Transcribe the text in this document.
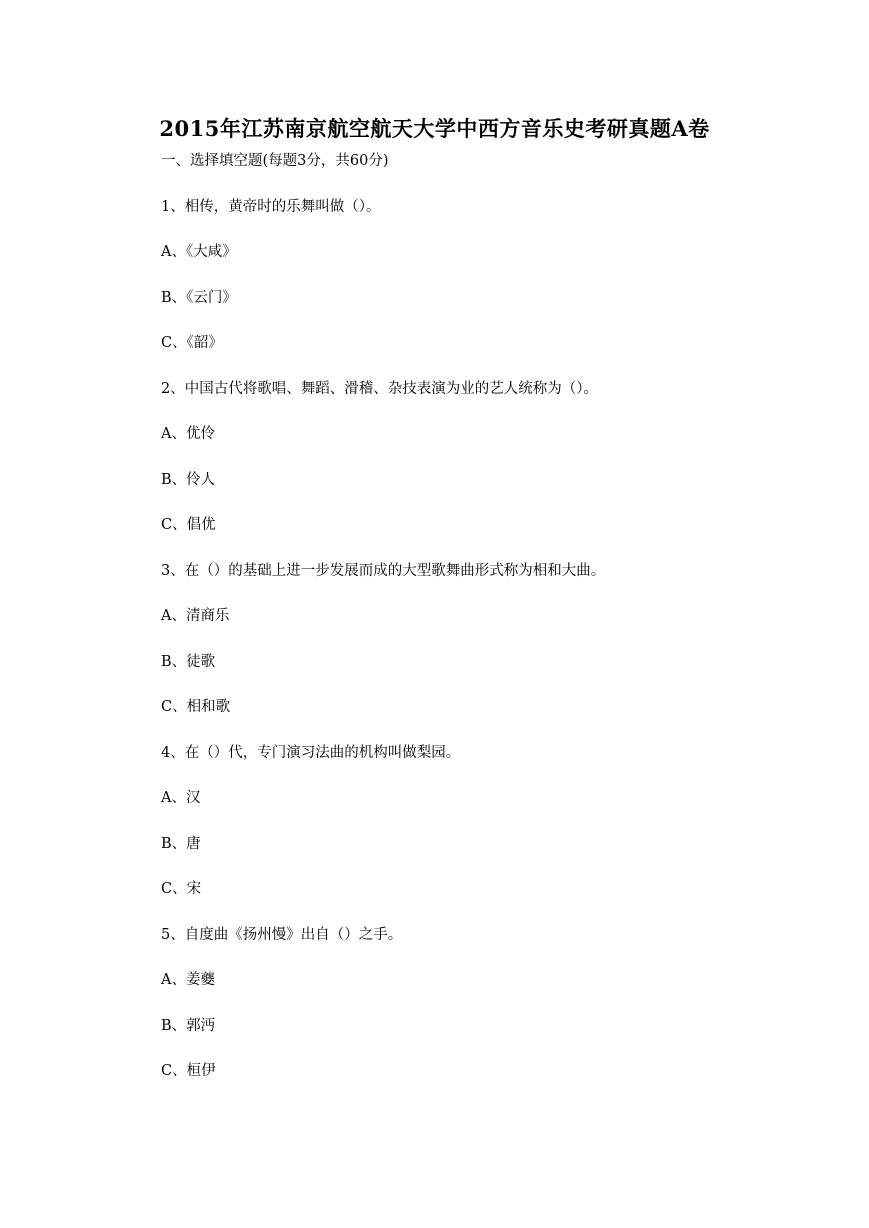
2015年江苏南京航空航天大学中西方音乐史考研真题A卷
一、选择填空题(每题3分，共60分)
1、相传，黄帝时的乐舞叫做（）。
A、《大咸》
B、《云门》
C、《韶》
2、中国古代将歌唱、舞蹈、滑稽、杂技表演为业的艺人统称为（）。
A、优伶
B、伶人
C、倡优
3、在（）的基础上进一步发展而成的大型歌舞曲形式称为相和大曲。
A、清商乐
B、徒歌
C、相和歌
4、在（）代，专门演习法曲的机构叫做梨园。
A、汉
B、唐
C、宋
5、自度曲《扬州慢》出自（）之手。
A、姜夔
B、郭沔
C、桓伊
